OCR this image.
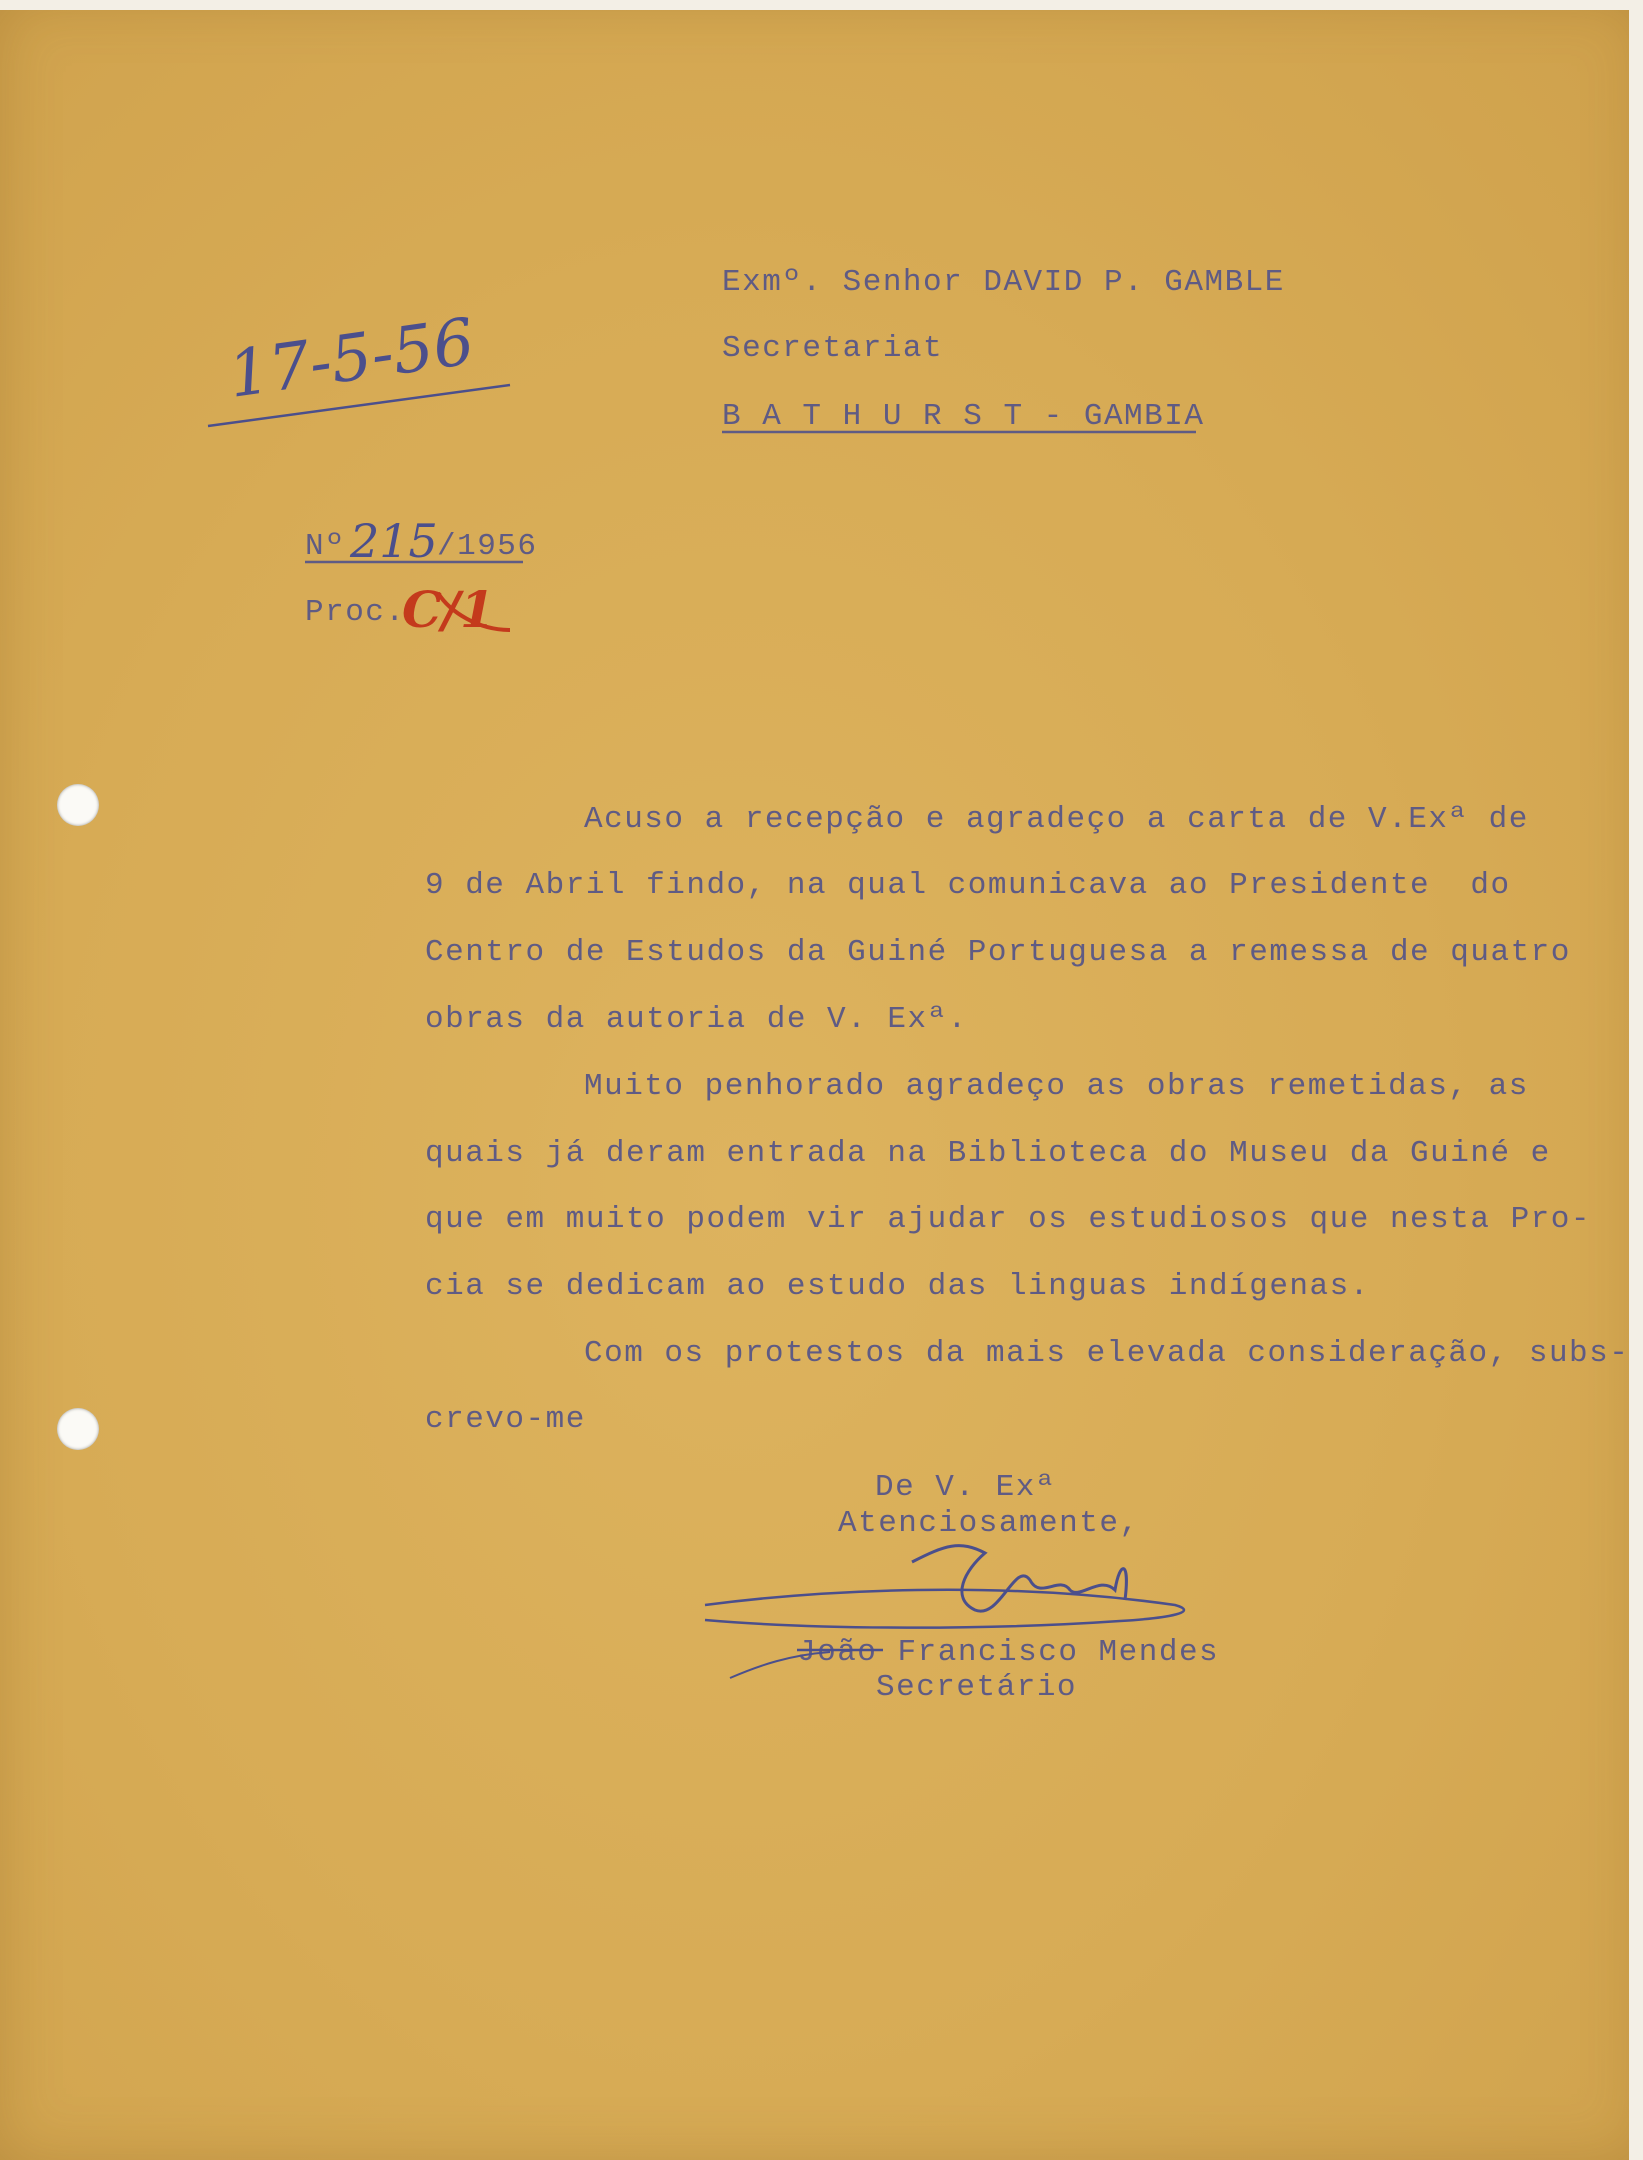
17-5-56
Exmº. Senhor DAVID P. GAMBLE
Secretariat
B A T H U R S T - GAMBIA
Nº 215 /1956
Proc.
C/1
Acuso a recepção e agradeço a carta de V.Exª de
9 de Abril findo, na qual comunicava ao Presidente  do
Centro de Estudos da Guiné Portuguesa a remessa de quatro
obras da autoria de V. Exª.
Muito penhorado agradeço as obras remetidas, as
quais já deram entrada na Biblioteca do Museu da Guiné e
que em muito podem vir ajudar os estudiosos que nesta Pro-
cia se dedicam ao estudo das linguas indígenas.
Com os protestos da mais elevada consideração, subs-
crevo-me
De V. Exª
Atenciosamente,
João Francisco Mendes
Secretário
